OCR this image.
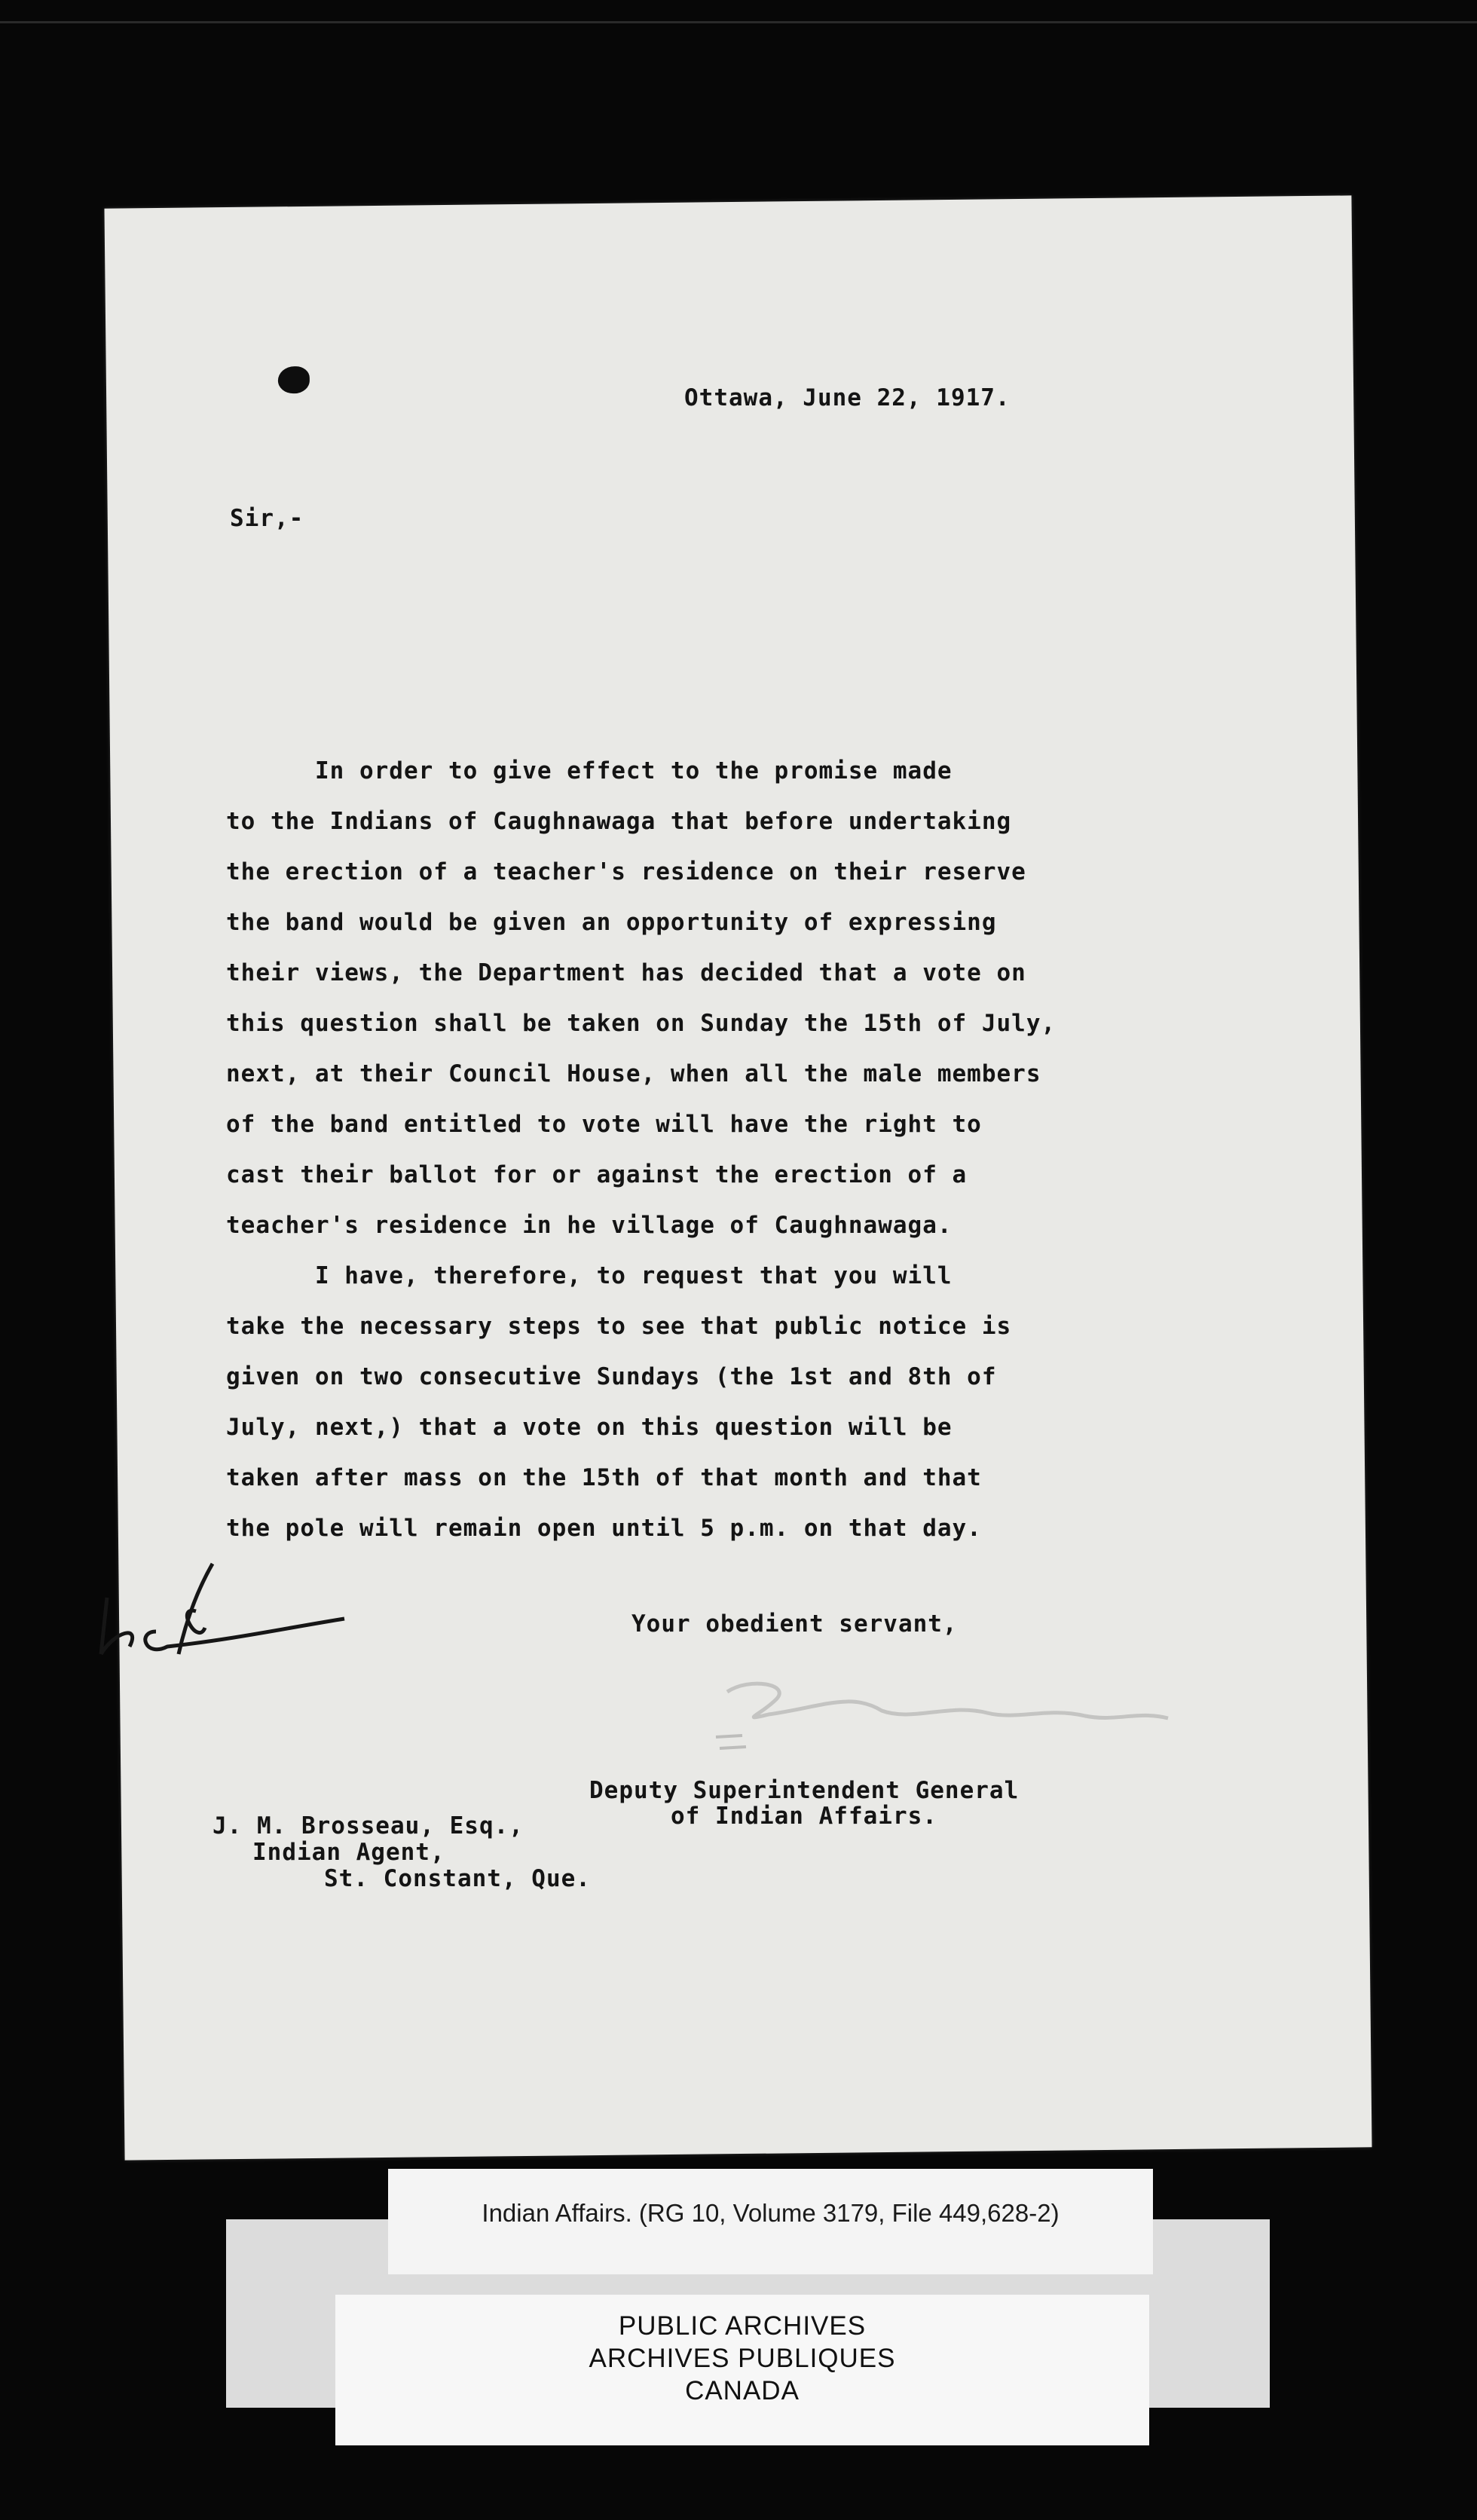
Ottawa, June 22, 1917.
Sir,-
In order to give effect to the promise made
to the Indians of Caughnawaga that before undertaking
the erection of a teacher's residence on their reserve
the band would be given an opportunity of expressing
their views, the Department has decided that a vote on
this question shall be taken on Sunday the 15th of July,
next, at their Council House, when all the male members
of the band entitled to vote will have the right to
cast their ballot for or against the erection of a
teacher's residence in he village of Caughnawaga.
I have, therefore, to request that you will
take the necessary steps to see that public notice is
given on two consecutive Sundays (the 1st and 8th of
July, next,) that a vote on this question will be
taken after mass on the 15th of that month and that
the pole will remain open until 5 p.m. on that day.
Your obedient servant,
Deputy Superintendent General
of Indian Affairs.
J. M. Brosseau, Esq.,
Indian Agent,
St. Constant, Que.
Indian Affairs. (RG 10, Volume 3179, File 449,628-2)
PUBLIC ARCHIVES
ARCHIVES PUBLIQUES
CANADA
